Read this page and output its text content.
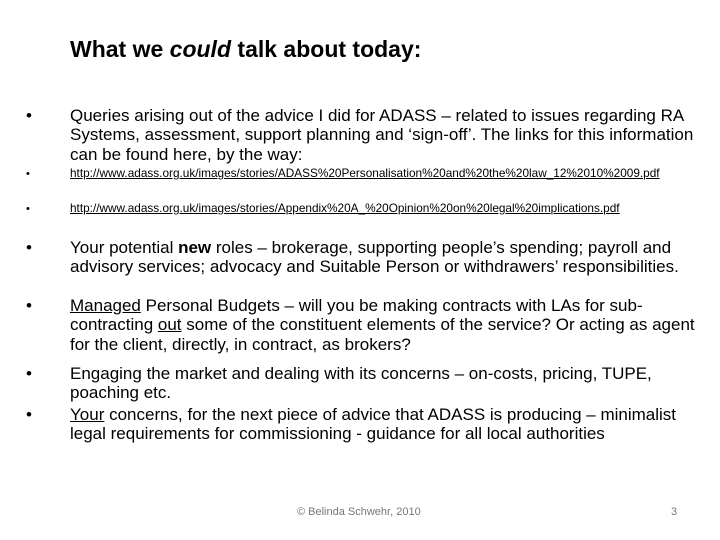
What we could talk about today:
•	Queries arising out of the advice I did for ADASS – related to issues regarding RA Systems, assessment, support planning and ‘sign-off’. The links for this information can be found here, by the way:
•	http://www.adass.org.uk/images/stories/ADASS%20Personalisation%20and%20the%20law_12%2010%2009.pdf
•	http://www.adass.org.uk/images/stories/Appendix%20A_%20Opinion%20on%20legal%20implications.pdf
•	Your potential new roles – brokerage, supporting people’s spending; payroll and advisory services; advocacy and Suitable Person or withdrawers’ responsibilities.
•	Managed Personal Budgets – will you be making contracts with LAs for sub-contracting out some of the constituent elements of the service? Or acting as agent for the client, directly, in contract, as brokers?
•	Engaging the market and dealing with its concerns – on-costs, pricing, TUPE, poaching etc.
•	Your concerns, for the next piece of advice that ADASS is producing – minimalist legal requirements for commissioning - guidance for all local authorities
© Belinda Schwehr, 2010	3
